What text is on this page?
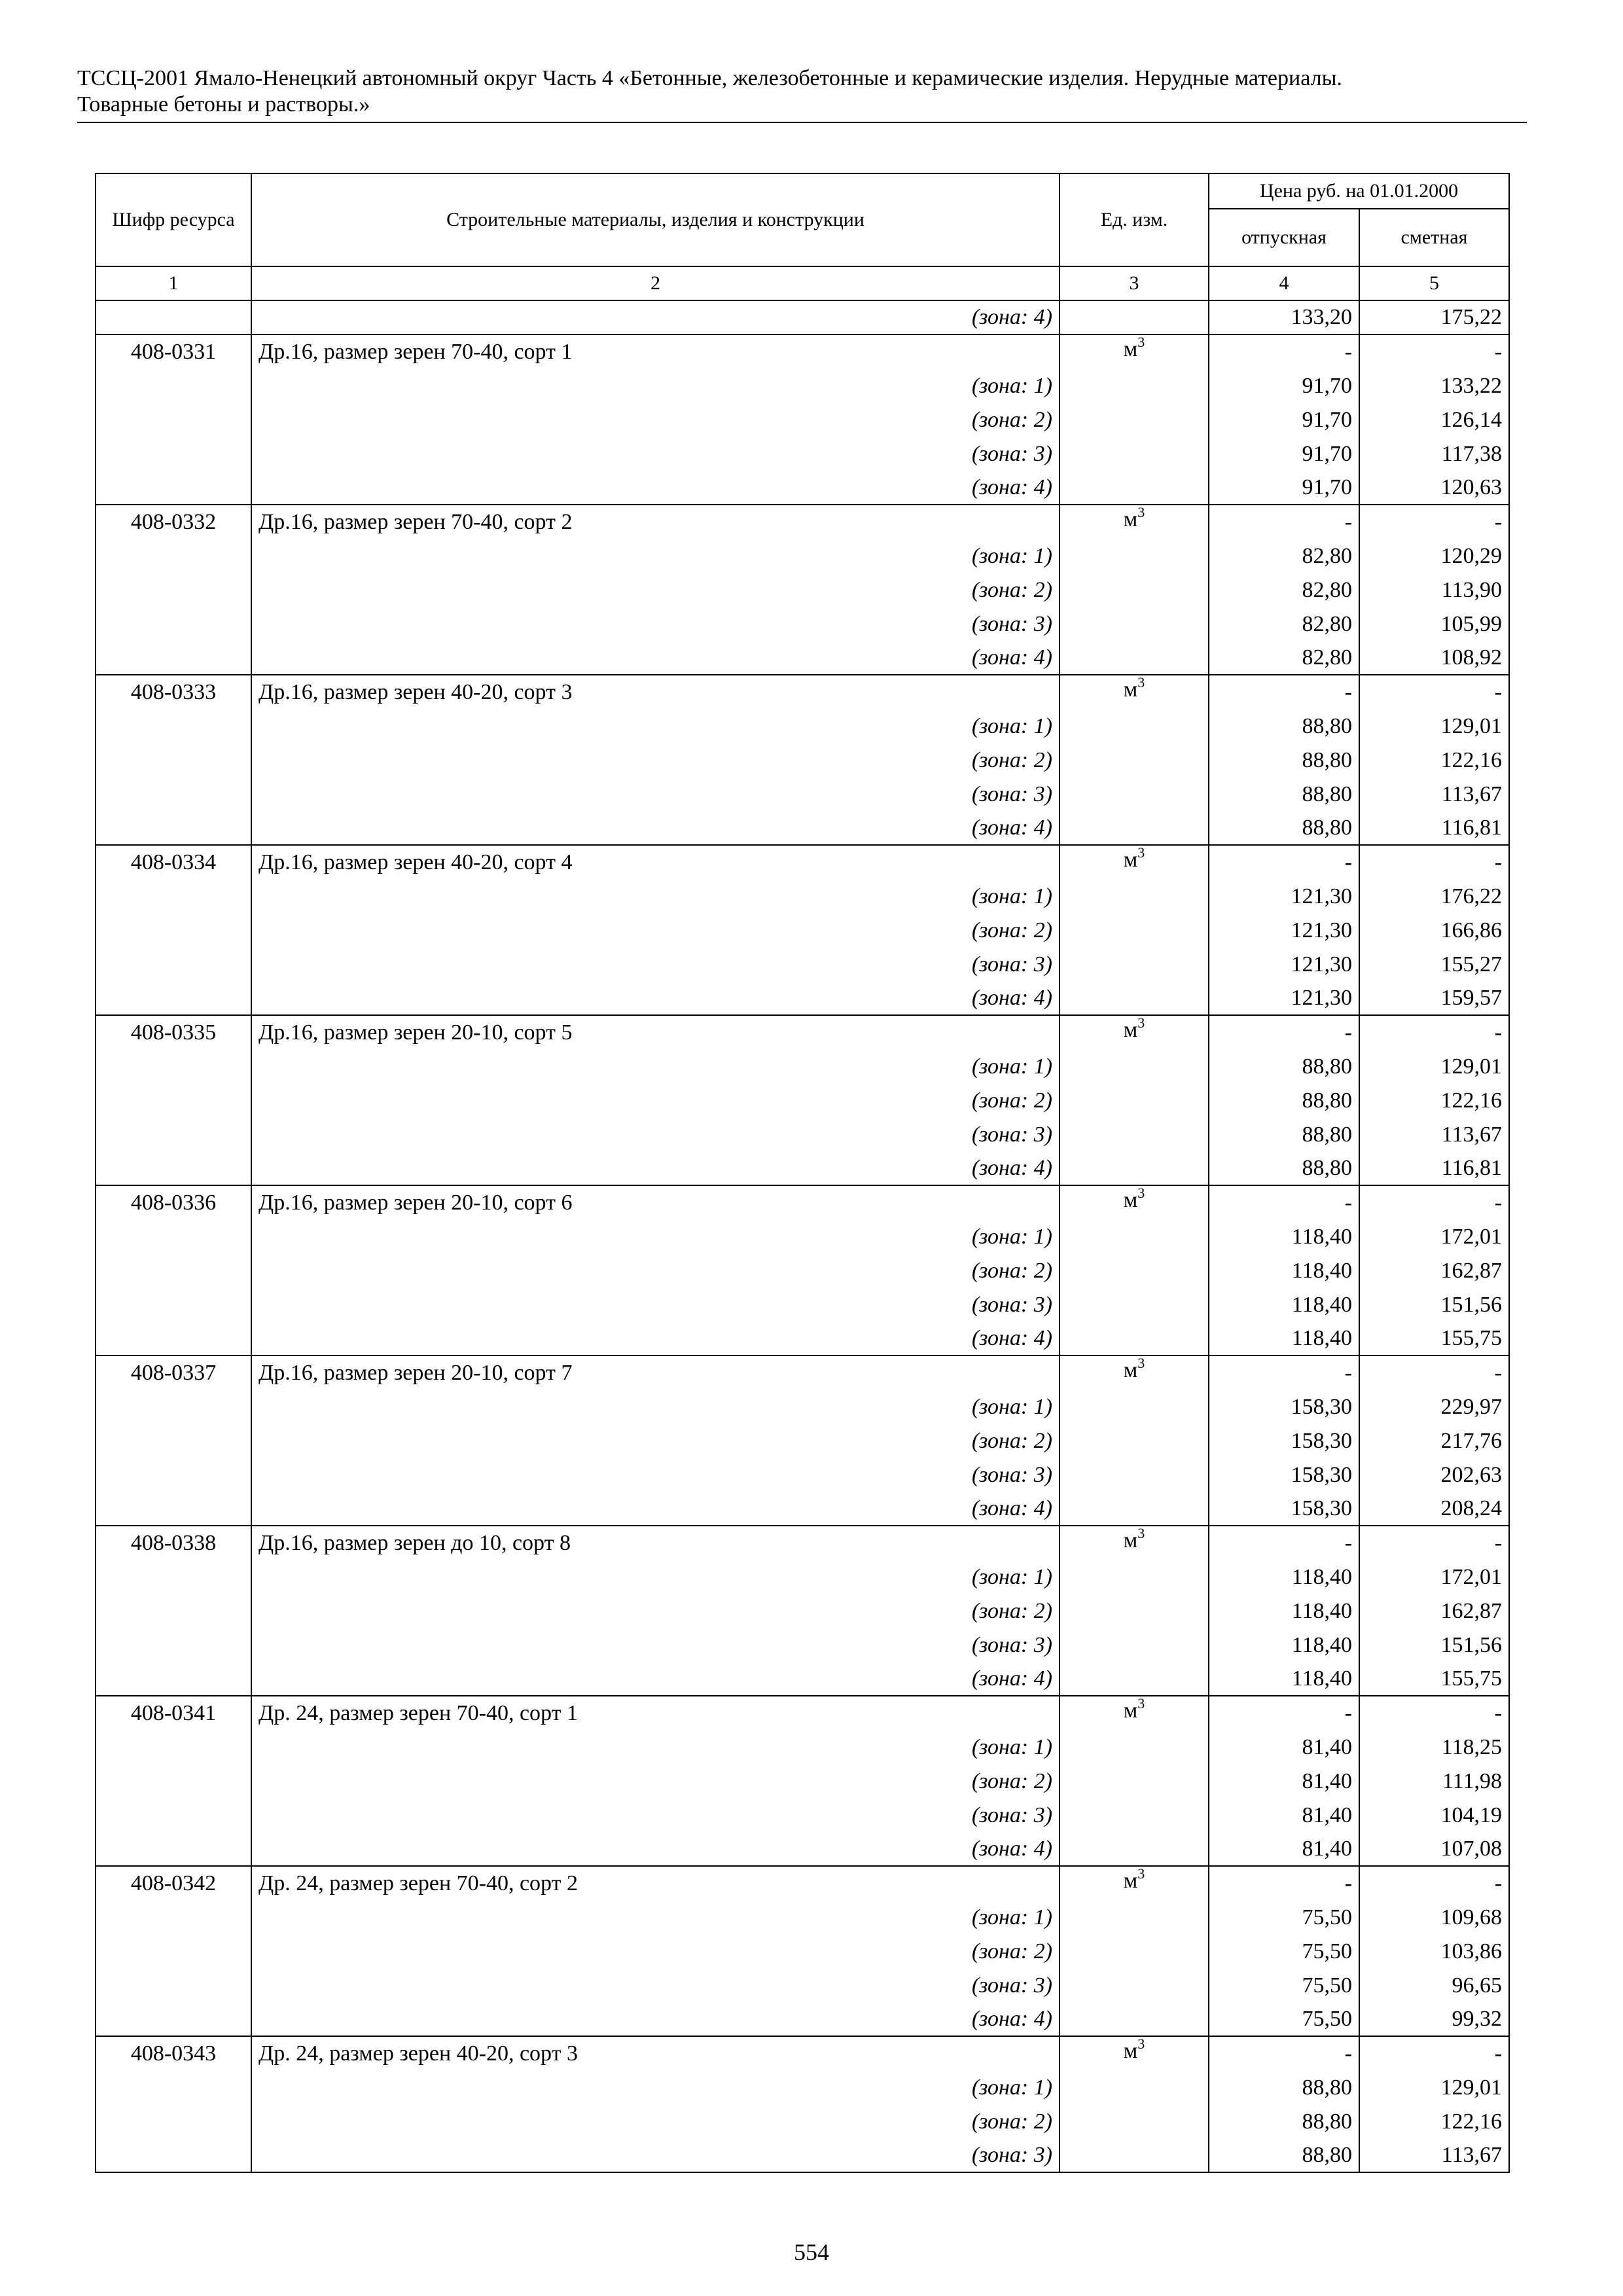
ТССЦ-2001 Ямало-Ненецкий автономный округ Часть 4 «Бетонные, железобетонные и керамические изделия. Нерудные материалы.
Товарные бетоны и растворы.»
Шифр ресурса	Строительные материалы, изделия и конструкции	Ед. изм.	Цена руб. на 01.01.2000	
			отпускная	сметная
1	2	3	4	5
	(зона: 4)		133,20	175,22
408-0331	Др.16, размер зерен 70-40, сорт 1	$м^3$	-	-
	(зона: 1)		91,70	133,22
	(зона: 2)		91,70	126,14
	(зона: 3)		91,70	117,38
	(зона: 4)		91,70	120,63
408-0332	Др.16, размер зерен 70-40, сорт 2	$м^3$	-	-
	(зона: 1)		82,80	120,29
	(зона: 2)		82,80	113,90
	(зона: 3)		82,80	105,99
	(зона: 4)		82,80	108,92
408-0333	Др.16, размер зерен 40-20, сорт 3	$м^3$	-	-
	(зона: 1)		88,80	129,01
	(зона: 2)		88,80	122,16
	(зона: 3)		88,80	113,67
	(зона: 4)		88,80	116,81
408-0334	Др.16, размер зерен 40-20, сорт 4	$м^3$	-	-
	(зона: 1)		121,30	176,22
	(зона: 2)		121,30	166,86
	(зона: 3)		121,30	155,27
	(зона: 4)		121,30	159,57
408-0335	Др.16, размер зерен 20-10, сорт 5	$м^3$	-	-
	(зона: 1)		88,80	129,01
	(зона: 2)		88,80	122,16
	(зона: 3)		88,80	113,67
	(зона: 4)		88,80	116,81
408-0336	Др.16, размер зерен 20-10, сорт 6	$м^3$	-	-
	(зона: 1)		118,40	172,01
	(зона: 2)		118,40	162,87
	(зона: 3)		118,40	151,56
	(зона: 4)		118,40	155,75
408-0337	Др.16, размер зерен 20-10, сорт 7	$м^3$	-	-
	(зона: 1)		158,30	229,97
	(зона: 2)		158,30	217,76
	(зона: 3)		158,30	202,63
	(зона: 4)		158,30	208,24
408-0338	Др.16, размер зерен до 10, сорт 8	$м^3$	-	-
	(зона: 1)		118,40	172,01
	(зона: 2)		118,40	162,87
	(зона: 3)		118,40	151,56
	(зона: 4)		118,40	155,75
408-0341	Др. 24, размер зерен 70-40, сорт 1	$м^3$	-	-
	(зона: 1)		81,40	118,25
	(зона: 2)		81,40	111,98
	(зона: 3)		81,40	104,19
	(зона: 4)		81,40	107,08
408-0342	Др. 24, размер зерен 70-40, сорт 2	$м^3$	-	-
	(зона: 1)		75,50	109,68
	(зона: 2)		75,50	103,86
	(зона: 3)		75,50	96,65
	(зона: 4)		75,50	99,32
408-0343	Др. 24, размер зерен 40-20, сорт 3	$м^3$	-	-
	(зона: 1)		88,80	129,01
	(зона: 2)		88,80	122,16
	(зона: 3)		88,80	113,67
554
